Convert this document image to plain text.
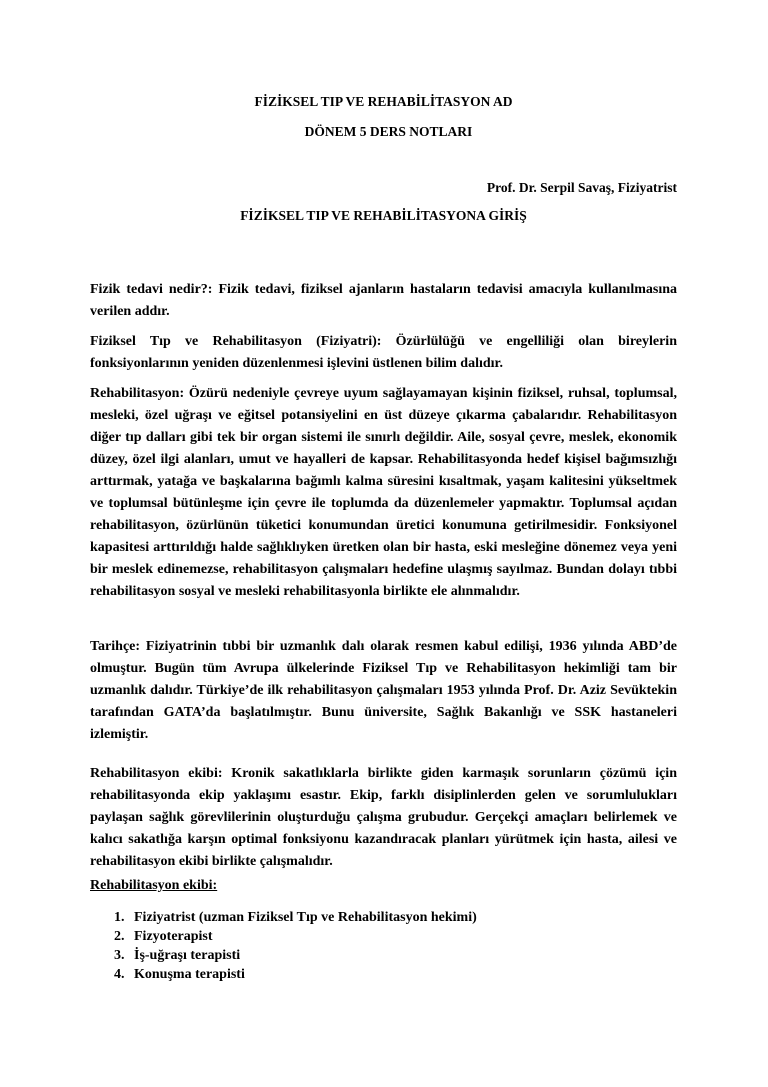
FİZİKSEL TIP VE REHABİLİTASYON AD

DÖNEM 5 DERS NOTLARI

Prof. Dr. Serpil Savaş, Fiziyatrist

FİZİKSEL TIP VE REHABİLİTASYONA GİRİŞ

Fizik tedavi nedir?: Fizik tedavi, fiziksel ajanların hastaların tedavisi amacıyla kullanılmasına verilen addır.

Fiziksel Tıp ve Rehabilitasyon (Fiziyatri): Özürlülüğü ve engelliliği olan bireylerin fonksiyonlarının yeniden düzenlenmesi işlevini üstlenen bilim dalıdır.

Rehabilitasyon: Özürü nedeniyle çevreye uyum sağlayamayan kişinin fiziksel, ruhsal, toplumsal, mesleki, özel uğraşı ve eğitsel potansiyelini en üst düzeye çıkarma çabalarıdır. Rehabilitasyon diğer tıp dalları gibi tek bir organ sistemi ile sınırlı değildir. Aile, sosyal çevre, meslek, ekonomik düzey, özel ilgi alanları, umut ve hayalleri de kapsar. Rehabilitasyonda hedef kişisel bağımsızlığı arttırmak, yatağa ve başkalarına bağımlı kalma süresini kısaltmak, yaşam kalitesini yükseltmek ve toplumsal bütünleşme için çevre ile toplumda da düzenlemeler yapmaktır. Toplumsal açıdan rehabilitasyon, özürlünün tüketici konumundan üretici konumuna getirilmesidir. Fonksiyonel kapasitesi arttırıldığı halde sağlıklıyken üretken olan bir hasta, eski mesleğine dönemez veya yeni bir meslek edinemezse, rehabilitasyon çalışmaları hedefine ulaşmış sayılmaz. Bundan dolayı tıbbi rehabilitasyon sosyal ve mesleki rehabilitasyonla birlikte ele alınmalıdır.

Tarihçe: Fiziyatrinin tıbbi bir uzmanlık dalı olarak resmen kabul edilişi, 1936 yılında ABD’de olmuştur. Bugün tüm Avrupa ülkelerinde Fiziksel Tıp ve Rehabilitasyon hekimliği tam bir uzmanlık dalıdır. Türkiye’de ilk rehabilitasyon çalışmaları 1953 yılında Prof. Dr. Aziz Sevüktekin tarafından GATA’da başlatılmıştır. Bunu üniversite, Sağlık Bakanlığı ve SSK hastaneleri izlemiştir.

Rehabilitasyon ekibi: Kronik sakatlıklarla birlikte giden karmaşık sorunların çözümü için rehabilitasyonda ekip yaklaşımı esastır. Ekip, farklı disiplinlerden gelen ve sorumlulukları paylaşan sağlık görevlilerinin oluşturduğu çalışma grubudur. Gerçekçi amaçları belirlemek ve kalıcı sakatlığa karşın optimal fonksiyonu kazandıracak planları yürütmek için hasta, ailesi ve rehabilitasyon ekibi birlikte çalışmalıdır.

Rehabilitasyon ekibi:

1. Fiziyatrist (uzman Fiziksel Tıp ve Rehabilitasyon hekimi)
2. Fizyoterapist
3. İş-uğraşı terapisti
4. Konuşma terapisti
